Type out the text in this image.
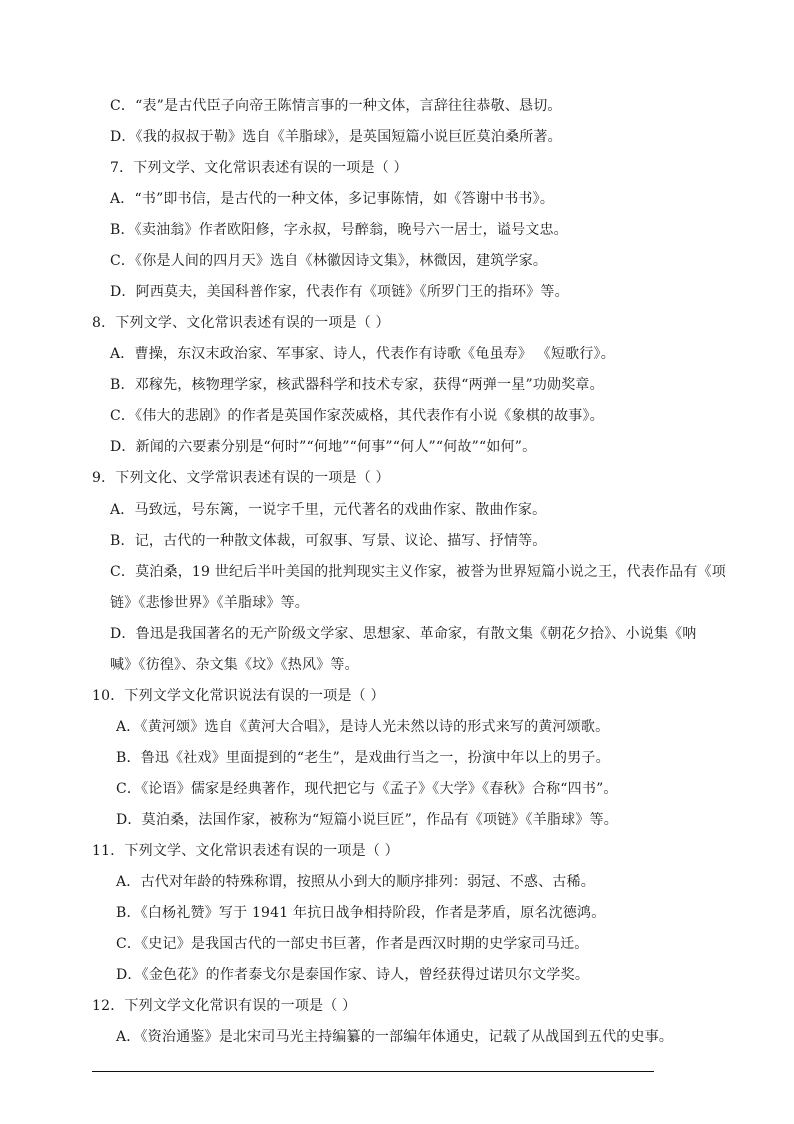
C．“表”是古代臣子向帝王陈情言事的一种文体，言辞往往恭敬、恳切。
D．《我的叔叔于勒》选自《羊脂球》，是英国短篇小说巨匠莫泊桑所著。
7．下列文学、文化常识表述有误的一项是（ ）
A．“书”即书信，是古代的一种文体，多记事陈情，如《答谢中书书》。
B．《卖油翁》作者欧阳修，字永叔，号醉翁，晚号六一居士，谥号文忠。
C．《你是人间的四月天》选自《林徽因诗文集》，林微因，建筑学家。
D．阿西莫夫，美国科普作家，代表作有《项链》《所罗门王的指环》等。
8．下列文学、文化常识表述有误的一项是（ ）
A．曹操，东汉末政治家、军事家、诗人，代表作有诗歌《龟虽寿》 《短歌行》。
B．邓稼先，核物理学家，核武器科学和技术专家，获得“两弹一星”功勋奖章。
C．《伟大的悲剧》的作者是英国作家茨威格，其代表作有小说《象棋的故事》。
D．新闻的六要素分别是“何时”“何地”“何事”“何人”“何故”“如何”。
9．下列文化、文学常识表述有误的一项是（ ）
A．马致远，号东篱，一说字千里，元代著名的戏曲作家、散曲作家。
B．记，古代的一种散文体裁，可叙事、写景、议论、描写、抒情等。
C．莫泊桑，19 世纪后半叶美国的批判现实主义作家，被誉为世界短篇小说之王，代表作品有《项
链》《悲惨世界》《羊脂球》等。
D．鲁迅是我国著名的无产阶级文学家、思想家、革命家，有散文集《朝花夕拾》、小说集《呐
喊》《彷徨》、杂文集《坟》《热风》等。
10．下列文学文化常识说法有误的一项是（ ）
A．《黄河颂》选自《黄河大合唱》，是诗人光未然以诗的形式来写的黄河颂歌。
B．鲁迅《社戏》里面提到的“老生”，是戏曲行当之一，扮演中年以上的男子。
C．《论语》儒家是经典著作，现代把它与《孟子》《大学》《春秋》合称“四书”。
D．莫泊桑，法国作家，被称为“短篇小说巨匠”，作品有《项链》《羊脂球》等。
11．下列文学、文化常识表述有误的一项是（ ）
A．古代对年龄的特殊称谓，按照从小到大的顺序排列：弱冠、不惑、古稀。
B．《白杨礼赞》写于 1941 年抗日战争相持阶段，作者是茅盾，原名沈德鸿。
C．《史记》是我国古代的一部史书巨著，作者是西汉时期的史学家司马迁。
D．《金色花》的作者泰戈尔是泰国作家、诗人，曾经获得过诺贝尔文学奖。
12．下列文学文化常识有误的一项是（ ）
A．《资治通鉴》是北宋司马光主持编纂的一部编年体通史，记载了从战国到五代的史事。
